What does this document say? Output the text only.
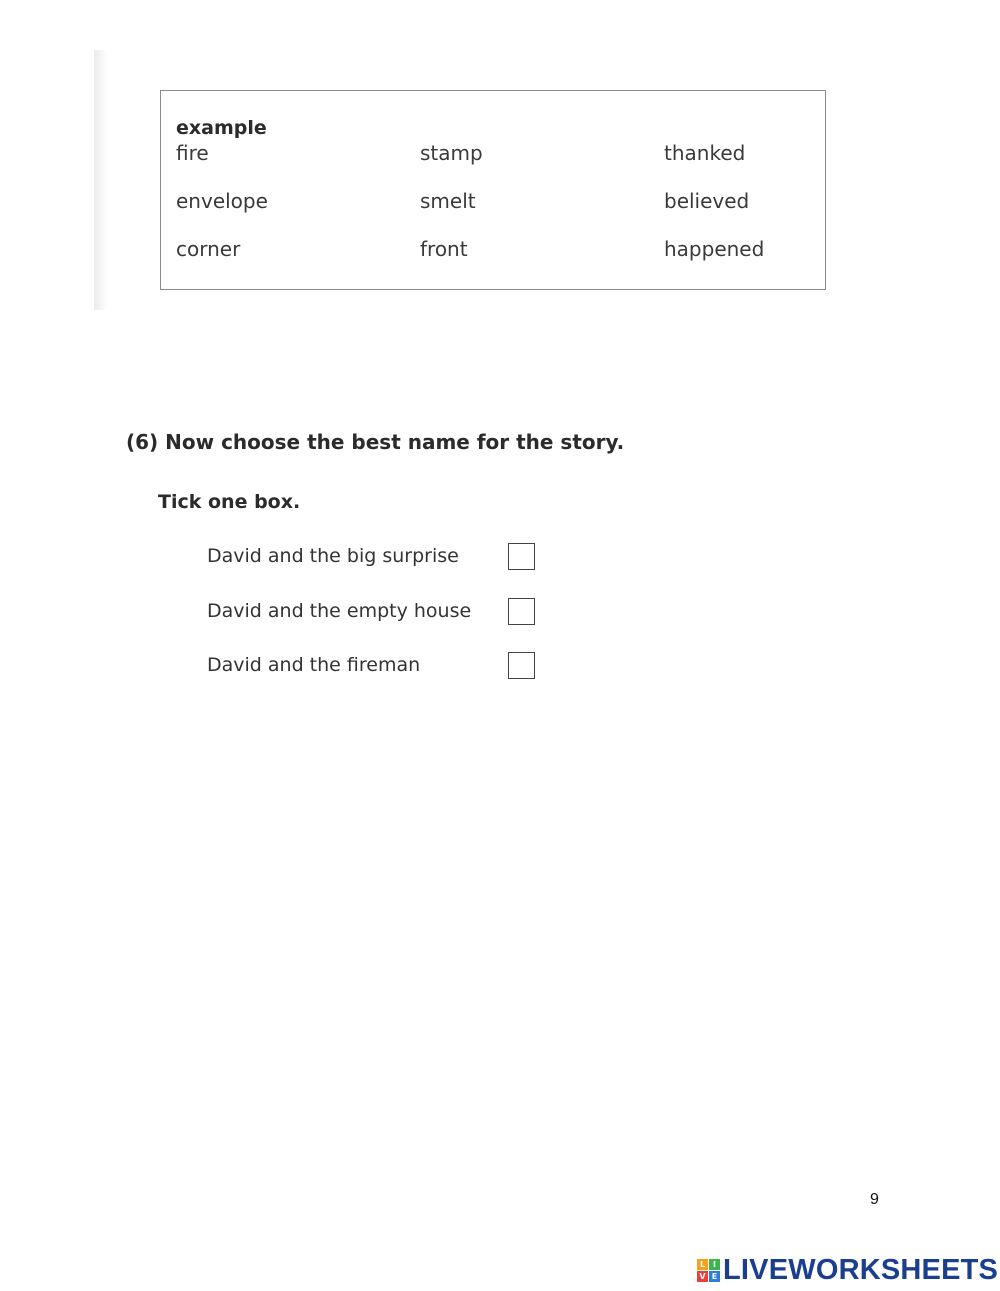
example
fire
envelope
corner
stamp
smelt
front
thanked
believed
happened
(6) Now choose the best name for the story.
Tick one box.
David and the big surprise
David and the empty house
David and the fireman
9
L I
V E LIVEWORKSHEETS
